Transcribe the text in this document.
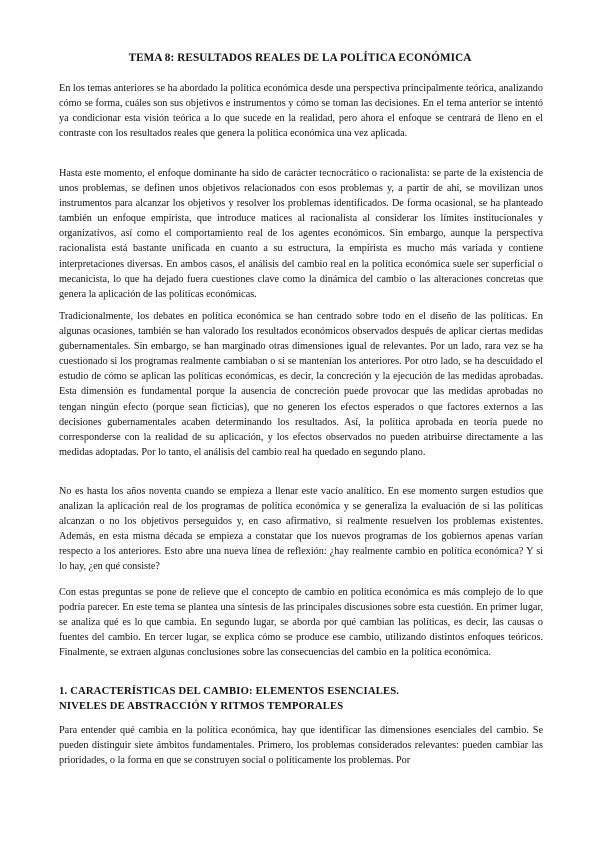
TEMA 8: RESULTADOS REALES DE LA POLÍTICA ECONÓMICA

En los temas anteriores se ha abordado la política económica desde una perspectiva principalmente teórica, analizando cómo se forma, cuáles son sus objetivos e instrumentos y cómo se toman las decisiones. En el tema anterior se intentó ya condicionar esta visión teórica a lo que sucede en la realidad, pero ahora el enfoque se centrará de lleno en el contraste con los resultados reales que genera la política económica una vez aplicada.

Hasta este momento, el enfoque dominante ha sido de carácter tecnocrático o racionalista: se parte de la existencia de unos problemas, se definen unos objetivos relacionados con esos problemas y, a partir de ahí, se movilizan unos instrumentos para alcanzar los objetivos y resolver los problemas identificados. De forma ocasional, se ha planteado también un enfoque empirista, que introduce matices al racionalista al considerar los límites institucionales y organizativos, así como el comportamiento real de los agentes económicos. Sin embargo, aunque la perspectiva racionalista está bastante unificada en cuanto a su estructura, la empirista es mucho más variada y contiene interpretaciones diversas. En ambos casos, el análisis del cambio real en la política económica suele ser superficial o mecanicista, lo que ha dejado fuera cuestiones clave como la dinámica del cambio o las alteraciones concretas que genera la aplicación de las políticas económicas.

Tradicionalmente, los debates en política económica se han centrado sobre todo en el diseño de las políticas. En algunas ocasiones, también se han valorado los resultados económicos observados después de aplicar ciertas medidas gubernamentales. Sin embargo, se han marginado otras dimensiones igual de relevantes. Por un lado, rara vez se ha cuestionado si los programas realmente cambiaban o si se mantenían los anteriores. Por otro lado, se ha descuidado el estudio de cómo se aplican las políticas económicas, es decir, la concreción y la ejecución de las medidas aprobadas. Esta dimensión es fundamental porque la ausencia de concreción puede provocar que las medidas aprobadas no tengan ningún efecto (porque sean ficticias), que no generen los efectos esperados o que factores externos a las decisiones gubernamentales acaben determinando los resultados. Así, la política aprobada en teoría puede no corresponderse con la realidad de su aplicación, y los efectos observados no pueden atribuirse directamente a las medidas adoptadas. Por lo tanto, el análisis del cambio real ha quedado en segundo plano.

No es hasta los años noventa cuando se empieza a llenar este vacío analítico. En ese momento surgen estudios que analizan la aplicación real de los programas de política económica y se generaliza la evaluación de si las políticas alcanzan o no los objetivos perseguidos y, en caso afirmativo, si realmente resuelven los problemas existentes. Además, en esta misma década se empieza a constatar que los nuevos programas de los gobiernos apenas varían respecto a los anteriores. Esto abre una nueva línea de reflexión: ¿hay realmente cambio en política económica? Y si lo hay, ¿en qué consiste?

Con estas preguntas se pone de relieve que el concepto de cambio en política económica es más complejo de lo que podría parecer. En este tema se plantea una síntesis de las principales discusiones sobre esta cuestión. En primer lugar, se analiza qué es lo que cambia. En segundo lugar, se aborda por qué cambian las políticas, es decir, las causas o fuentes del cambio. En tercer lugar, se explica cómo se produce ese cambio, utilizando distintos enfoques teóricos. Finalmente, se extraen algunas conclusiones sobre las consecuencias del cambio en la política económica.

1. CARACTERÍSTICAS DEL CAMBIO: ELEMENTOS ESENCIALES.
NIVELES DE ABSTRACCIÓN Y RITMOS TEMPORALES

Para entender qué cambia en la política económica, hay que identificar las dimensiones esenciales del cambio. Se pueden distinguir siete ámbitos fundamentales. Primero, los problemas considerados relevantes: pueden cambiar las prioridades, o la forma en que se construyen social o políticamente los problemas. Por
